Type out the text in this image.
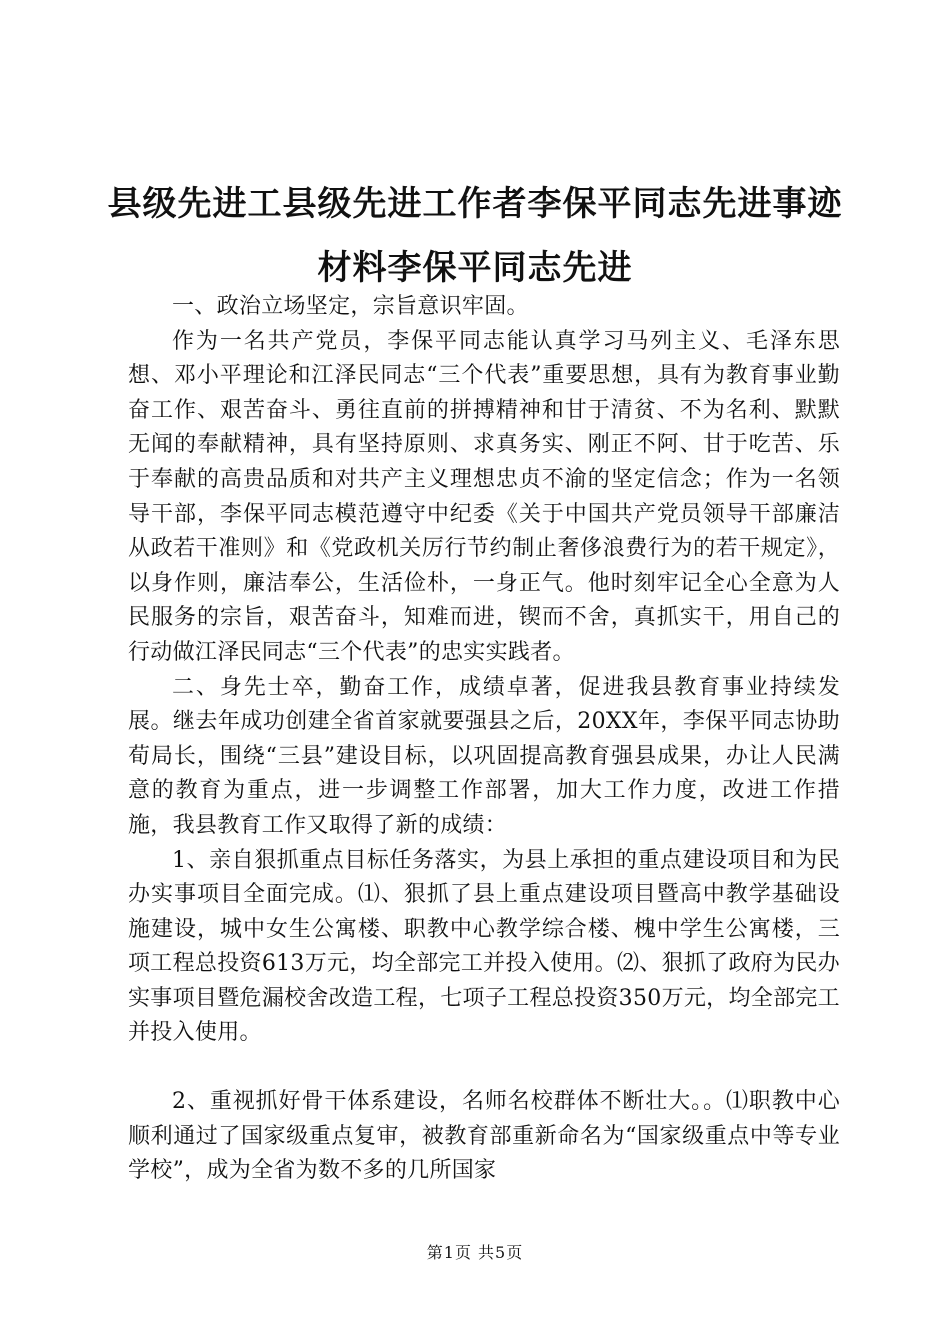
县级先进工县级先进工作者李保平同志先进事迹材料李保平同志先进

一、政治立场坚定，宗旨意识牢固。

作为一名共产党员，李保平同志能认真学习马列主义、毛泽东思想、邓小平理论和江泽民同志“三个代表”重要思想，具有为教育事业勤奋工作、艰苦奋斗、勇往直前的拼搏精神和甘于清贫、不为名利、默默无闻的奉献精神，具有坚持原则、求真务实、刚正不阿、甘于吃苦、乐于奉献的高贵品质和对共产主义理想忠贞不渝的坚定信念；作为一名领导干部，李保平同志模范遵守中纪委《关于中国共产党员领导干部廉洁从政若干准则》和《党政机关厉行节约制止奢侈浪费行为的若干规定》，以身作则，廉洁奉公，生活俭朴，一身正气。他时刻牢记全心全意为人民服务的宗旨，艰苦奋斗，知难而进，锲而不舍，真抓实干，用自己的行动做江泽民同志“三个代表”的忠实实践者。

二、身先士卒，勤奋工作，成绩卓著，促进我县教育事业持续发展。继去年成功创建全省首家就要强县之后，20XX年，李保平同志协助荀局长，围绕“三县”建设目标，以巩固提高教育强县成果，办让人民满意的教育为重点，进一步调整工作部署，加大工作力度，改进工作措施，我县教育工作又取得了新的成绩：

1、亲自狠抓重点目标任务落实，为县上承担的重点建设项目和为民办实事项目全面完成。⑴、狠抓了县上重点建设项目暨高中教学基础设施建设，城中女生公寓楼、职教中心教学综合楼、槐中学生公寓楼，三项工程总投资613万元，均全部完工并投入使用。⑵、狠抓了政府为民办实事项目暨危漏校舍改造工程，七项子工程总投资350万元，均全部完工并投入使用。

2、重视抓好骨干体系建设，名师名校群体不断壮大。。⑴职教中心顺利通过了国家级重点复审，被教育部重新命名为“国家级重点中等专业学校”，成为全省为数不多的几所国家

第1页 共5页
